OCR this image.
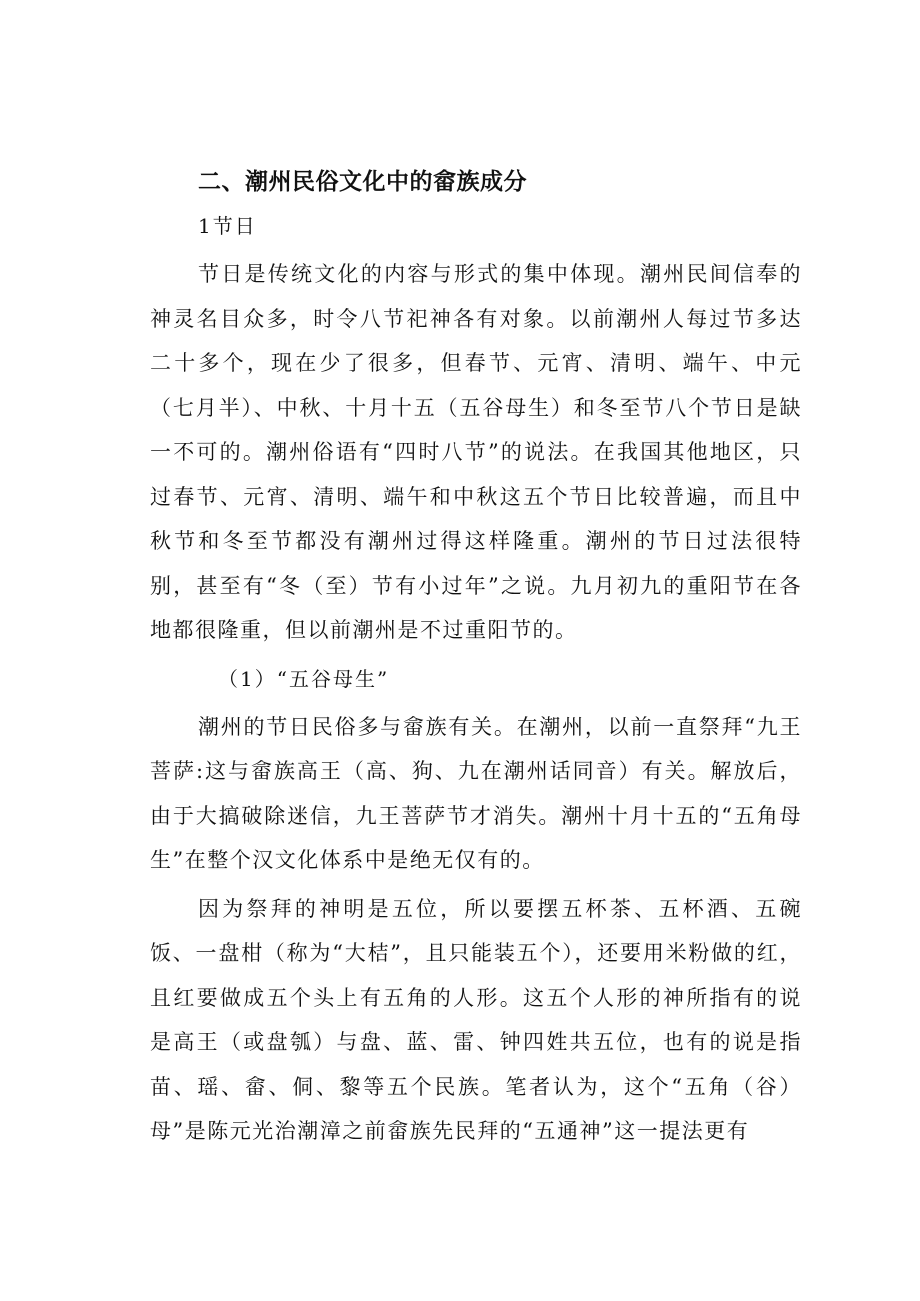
二、潮州民俗文化中的畲族成分
1节日

节日是传统文化的内容与形式的集中体现。潮州民间信奉的神灵名目众多，时令八节祀神各有对象。以前潮州人每过节多达二十多个，现在少了很多，但春节、元宵、清明、端午、中元（七月半）、中秋、十月十五（五谷母生）和冬至节八个节日是缺一不可的。潮州俗语有“四时八节”的说法。在我国其他地区，只过春节、元宵、清明、端午和中秋这五个节日比较普遍，而且中秋节和冬至节都没有潮州过得这样隆重。潮州的节日过法很特别，甚至有“冬（至）节有小过年”之说。九月初九的重阳节在各地都很隆重，但以前潮州是不过重阳节的。

（1）“五谷母生”

潮州的节日民俗多与畲族有关。在潮州，以前一直祭拜“九王菩萨:这与畲族高王（高、狗、九在潮州话同音）有关。解放后，由于大搞破除迷信，九王菩萨节才消失。潮州十月十五的“五角母生”在整个汉文化体系中是绝无仅有的。

因为祭拜的神明是五位，所以要摆五杯茶、五杯酒、五碗饭、一盘柑（称为“大桔”，且只能装五个），还要用米粉做的红，且红要做成五个头上有五角的人形。这五个人形的神所指有的说是高王（或盘瓠）与盘、蓝、雷、钟四姓共五位，也有的说是指苗、瑶、畲、侗、黎等五个民族。笔者认为，这个“五角（谷）母”是陈元光治潮漳之前畲族先民拜的“五通神”这一提法更有
